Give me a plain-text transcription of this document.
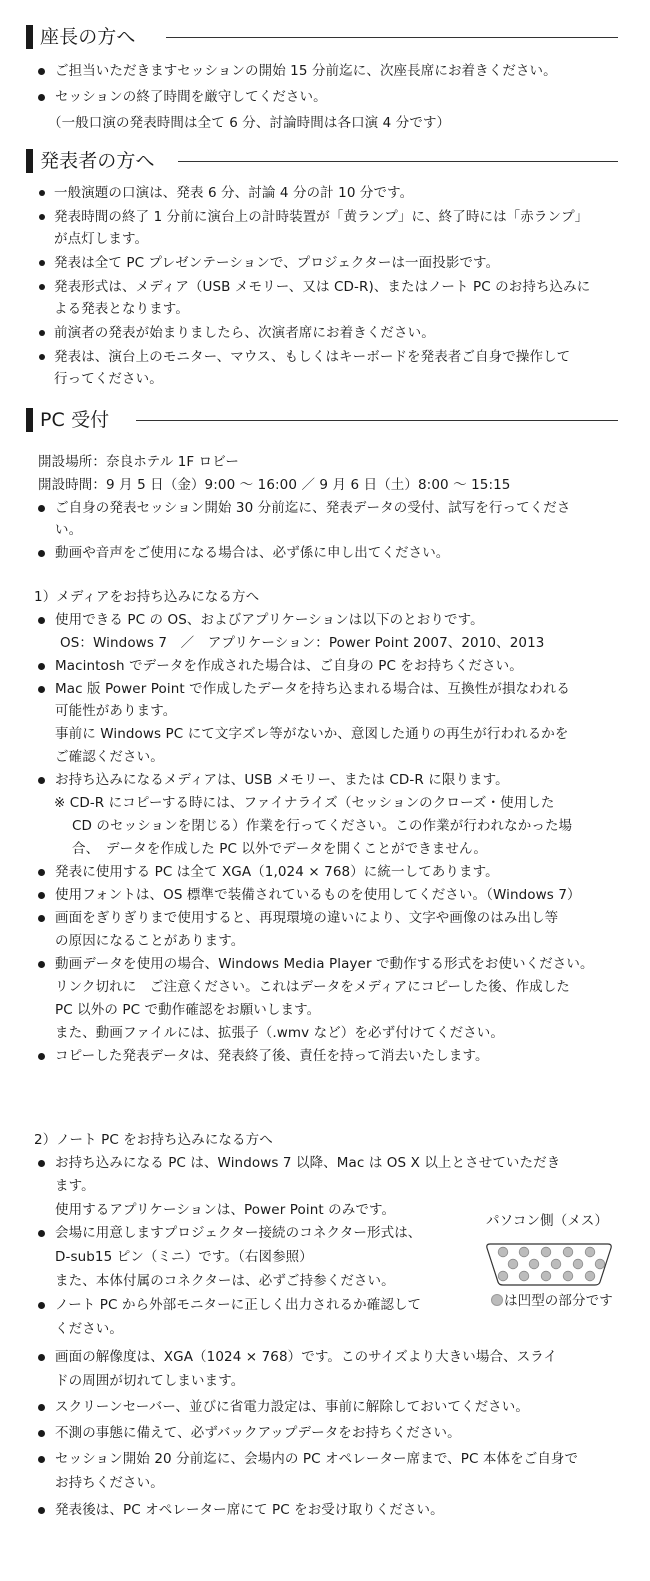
座長の方へ
ご担当いただきますセッションの開始 15 分前迄に、次座長席にお着きください。
セッションの終了時間を厳守してください。
（一般口演の発表時間は全て 6 分、討論時間は各口演 4 分です）
発表者の方へ
一般演題の口演は、発表 6 分、討論 4 分の計 10 分です。
発表時間の終了 1 分前に演台上の計時装置が「黄ランプ」に、終了時には「赤ランプ」
が点灯します。
発表は全て PC プレゼンテーションで、プロジェクターは一面投影です。
発表形式は、メディア（USB メモリー、又は CD-R)、またはノート PC のお持ち込みに
よる発表となります。
前演者の発表が始まりましたら、次演者席にお着きください。
発表は、演台上のモニター、マウス、もしくはキーボードを発表者ご自身で操作して
行ってください。
PC 受付
開設場所：奈良ホテル 1F ロビー
開設時間：9 月 5 日（金）9:00 ～ 16:00 ／ 9 月 6 日（土）8:00 ～ 15:15
ご自身の発表セッション開始 30 分前迄に、発表データの受付、試写を行ってくださ
い。
動画や音声をご使用になる場合は、必ず係に申し出てください。
1）メディアをお持ち込みになる方へ
使用できる PC の OS、およびアプリケーションは以下のとおりです。
OS：Windows 7　／　アプリケーション：Power Point 2007、2010、2013
Macintosh でデータを作成された場合は、ご自身の PC をお持ちください。
Mac 版 Power Point で作成したデータを持ち込まれる場合は、互換性が損なわれる
可能性があります。
事前に Windows PC にて文字ズレ等がないか、意図した通りの再生が行われるかを
ご確認ください。
お持ち込みになるメディアは、USB メモリー、または CD-R に限ります。
※ CD-R にコピーする時には、ファイナライズ（セッションのクローズ・使用した
CD のセッションを閉じる）作業を行ってください。この作業が行われなかった場
合、　データを作成した PC 以外でデータを開くことができません。
発表に使用する PC は全て XGA（1,024 × 768）に統一してあります。
使用フォントは、OS 標準で装備されているものを使用してください。（Windows 7）
画面をぎりぎりまで使用すると、再現環境の違いにより、文字や画像のはみ出し等
の原因になることがあります。
動画データを使用の場合、Windows Media Player で動作する形式をお使いください。
リンク切れに　ご注意ください。これはデータをメディアにコピーした後、作成した
PC 以外の PC で動作確認をお願いします。
また、動画ファイルには、拡張子（.wmv など）を必ず付けてください。
コピーした発表データは、発表終了後、責任を持って消去いたします。
2）ノート PC をお持ち込みになる方へ
お持ち込みになる PC は、Windows 7 以降、Mac は OS X 以上とさせていただき
ます。
使用するアプリケーションは、Power Point のみです。
会場に用意しますプロジェクター接続のコネクター形式は、
D-sub15 ピン（ミニ）です。（右図参照）
また、本体付属のコネクターは、必ずご持参ください。
ノート PC から外部モニターに正しく出力されるか確認して
ください。
画面の解像度は、XGA（1024 × 768）です。このサイズより大きい場合、スライ
ドの周囲が切れてしまいます。
スクリーンセーバー、並びに省電力設定は、事前に解除しておいてください。
不測の事態に備えて、必ずバックアップデータをお持ちください。
セッション開始 20 分前迄に、会場内の PC オペレーター席まで、PC 本体をご自身で
お持ちください。
発表後は、PC オペレーター席にて PC をお受け取りください。
パソコン側（メス）
は凹型の部分です
